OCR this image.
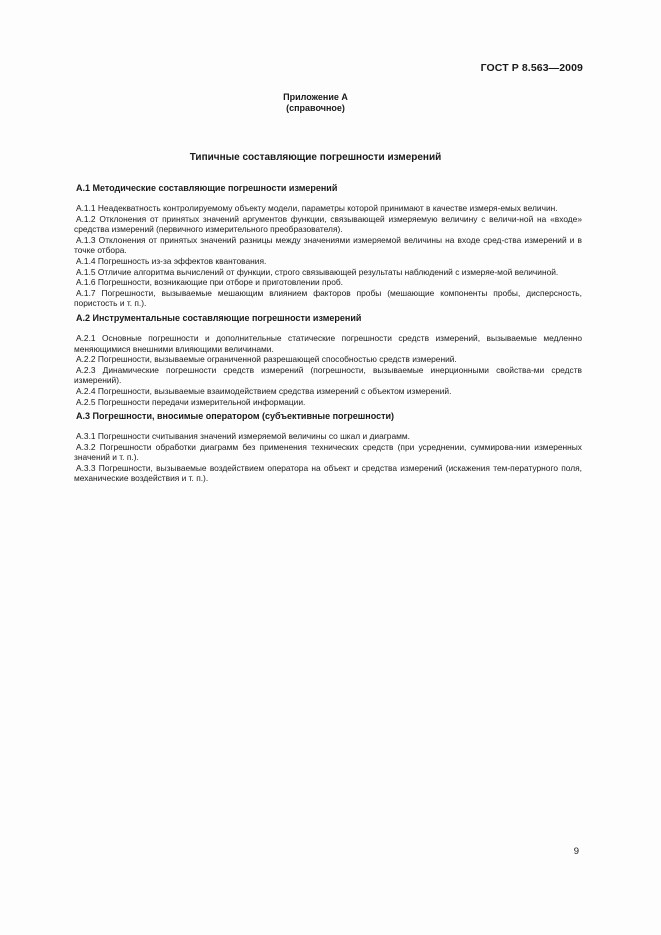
ГОСТ Р 8.563—2009
Приложение А
(справочное)
Типичные составляющие погрешности измерений
А.1 Методические составляющие погрешности измерений

А.1.1 Неадекватность контролируемому объекту модели, параметры которой принимают в качестве измеря-емых величин.

А.1.2 Отклонения от принятых значений аргументов функции, связывающей измеряемую величину с величи-ной на «входе» средства измерений (первичного измерительного преобразователя).

А.1.3 Отклонения от принятых значений разницы между значениями измеряемой величины на входе сред-ства измерений и в точке отбора.

А.1.4 Погрешность из-за эффектов квантования.

А.1.5 Отличие алгоритма вычислений от функции, строго связывающей результаты наблюдений с измеряе-мой величиной.

А.1.6 Погрешности, возникающие при отборе и приготовлении проб.

А.1.7 Погрешности, вызываемые мешающим влиянием факторов пробы (мешающие компоненты пробы, дисперсность, пористость и т. п.).

А.2 Инструментальные составляющие погрешности измерений

А.2.1 Основные погрешности и дополнительные статические погрешности средств измерений, вызываемые медленно меняющимися внешними влияющими величинами.

А.2.2 Погрешности, вызываемые ограниченной разрешающей способностью средств измерений.

А.2.3 Динамические погрешности средств измерений (погрешности, вызываемые инерционными свойства-ми средств измерений).

А.2.4 Погрешности, вызываемые взаимодействием средства измерений с объектом измерений.

А.2.5 Погрешности передачи измерительной информации.

А.3 Погрешности, вносимые оператором (субъективные погрешности)

А.3.1 Погрешности считывания значений измеряемой величины со шкал и диаграмм.

А.3.2 Погрешности обработки диаграмм без применения технических средств (при усреднении, суммирова-нии измеренных значений и т. п.).

А.3.3 Погрешности, вызываемые воздействием оператора на объект и средства измерений (искажения тем-пературного поля, механические воздействия и т. п.).

9
